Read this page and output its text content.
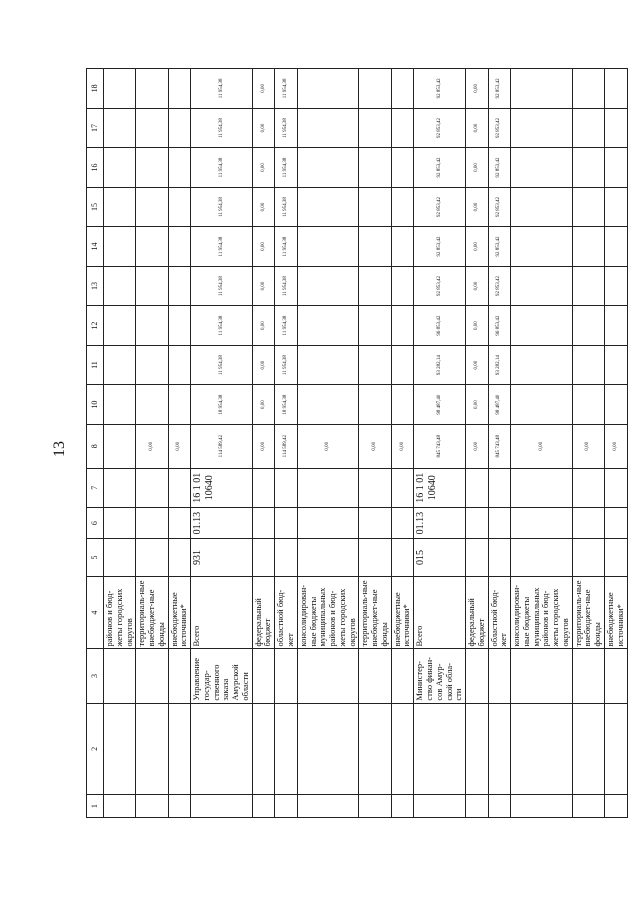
13
1	2	3	4	5	6	7	8	10	11	12	13	14	15	16	17	18
			районов и бюд-жеты городских округов													
			территориаль-ные внебюджет-ные фонды				0,00									
			внебюджетные источники*				0,00									
		Управление государ-ственного заказа Амурской области	Всего	931	01.13	16 1 01 10640	114 589,42	18 954,38	11 954,38	11 954,38	11 954,38	11 954,38	11 954,38	11 954,38	11 954,38	11 954,38
			федеральный бюджет				0,00	0,00	0,00	0,00	0,00	0,00	0,00	0,00	0,00	0,00
			областной бюд-жет				114 589,42	18 954,38	11 954,38	11 954,38	11 954,38	11 954,38	11 954,38	11 954,38	11 954,38	11 954,38
			консолидирован-ные бюджеты муниципальных районов и бюд-жеты городских округов				0,00									
			территориаль-ные внебюджет-ные фонды				0,00									
			внебюджетные источники*				0,00									
		Министер-ство финан-сов Амур-ской обла-сти	Всего	015	01.13	16 1 01 10640	845 743,48	98 487,40	93 282,14	96 853,42	92 853,42	92 853,42	92 853,42	92 853,42	92 853,42	92 853,42
			федеральный бюджет				0,00	0,00	0,00	0,00	0,00	0,00	0,00	0,00	0,00	0,00
			областной бюд-жет				845 743,48	98 487,40	93 282,14	96 853,42	92 853,42	92 853,42	92 853,42	92 853,42	92 853,42	92 853,42
			консолидирован-ные бюджеты муниципальных районов и бюд-жеты городских округов				0,00									
			территориаль-ные внебюджет-ные фонды				0,00									
			внебюджетные источники*				0,00									
